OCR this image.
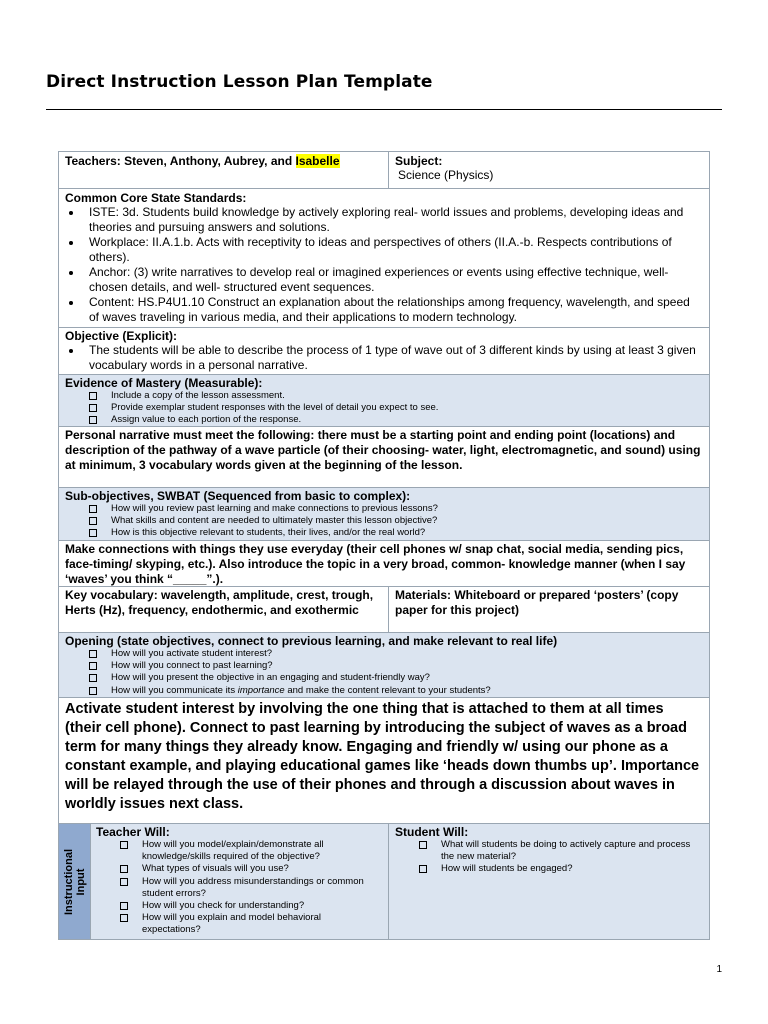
Direct Instruction Lesson Plan Template
Teachers: Steven, Anthony, Aubrey, and Isabelle	Subject:
Science (Physics)
Common Core State Standards:
ISTE: 3d. Students build knowledge by actively exploring real- world issues and problems, developing ideas and theories and pursuing answers and solutions.
Workplace: II.A.1.b. Acts with receptivity to ideas and perspectives of others (II.A.-b. Respects contributions of others).
Anchor: (3) write narratives to develop real or imagined experiences or events using effective technique, well-chosen details, and well- structured event sequences.
Content: HS.P4U1.10 Construct an explanation about the relationships among frequency, wavelength, and speed of waves traveling in various media, and their applications to modern technology.
Objective (Explicit):
The students will be able to describe the process of 1 type of wave out of 3 different kinds by using at least 3 given vocabulary words in a personal narrative.
Evidence of Mastery (Measurable):
Include a copy of the lesson assessment.
Provide exemplar student responses with the level of detail you expect to see.
Assign value to each portion of the response.
Personal narrative must meet the following: there must be a starting point and ending point (locations) and description of the pathway of a wave particle (of their choosing- water, light, electromagnetic, and sound) using at minimum, 3 vocabulary words given at the beginning of the lesson.
Sub-objectives, SWBAT (Sequenced from basic to complex):
How will you review past learning and make connections to previous lessons?
What skills and content are needed to ultimately master this lesson objective?
How is this objective relevant to students, their lives, and/or the real world?
Make connections with things they use everyday (their cell phones w/ snap chat, social media, sending pics, face-timing/ skyping, etc.). Also introduce the topic in a very broad, common- knowledge manner (when I say ‘waves’ you think “_____”.).
Key vocabulary: wavelength, amplitude, crest, trough, Herts (Hz), frequency, endothermic, and exothermic
Materials: Whiteboard or prepared ‘posters’ (copy paper for this project)
Opening (state objectives, connect to previous learning, and make relevant to real life)
How will you activate student interest?
How will you connect to past learning?
How will you present the objective in an engaging and student-friendly way?
How will you communicate its importance and make the content relevant to your students?
Activate student interest by involving the one thing that is attached to them at all times (their cell phone). Connect to past learning by introducing the subject of waves as a broad term for many things they already know. Engaging and friendly w/ using our phone as a constant example, and playing educational games like ‘heads down thumbs up’. Importance will be relayed through the use of their phones and through a discussion about waves in worldly issues next class.
Instructional Input
Teacher Will:
How will you model/explain/demonstrate all knowledge/skills required of the objective?
What types of visuals will you use?
How will you address misunderstandings or common student errors?
How will you check for understanding?
How will you explain and model behavioral expectations?
Student Will:
What will students be doing to actively capture and process the new material?
How will students be engaged?
1
